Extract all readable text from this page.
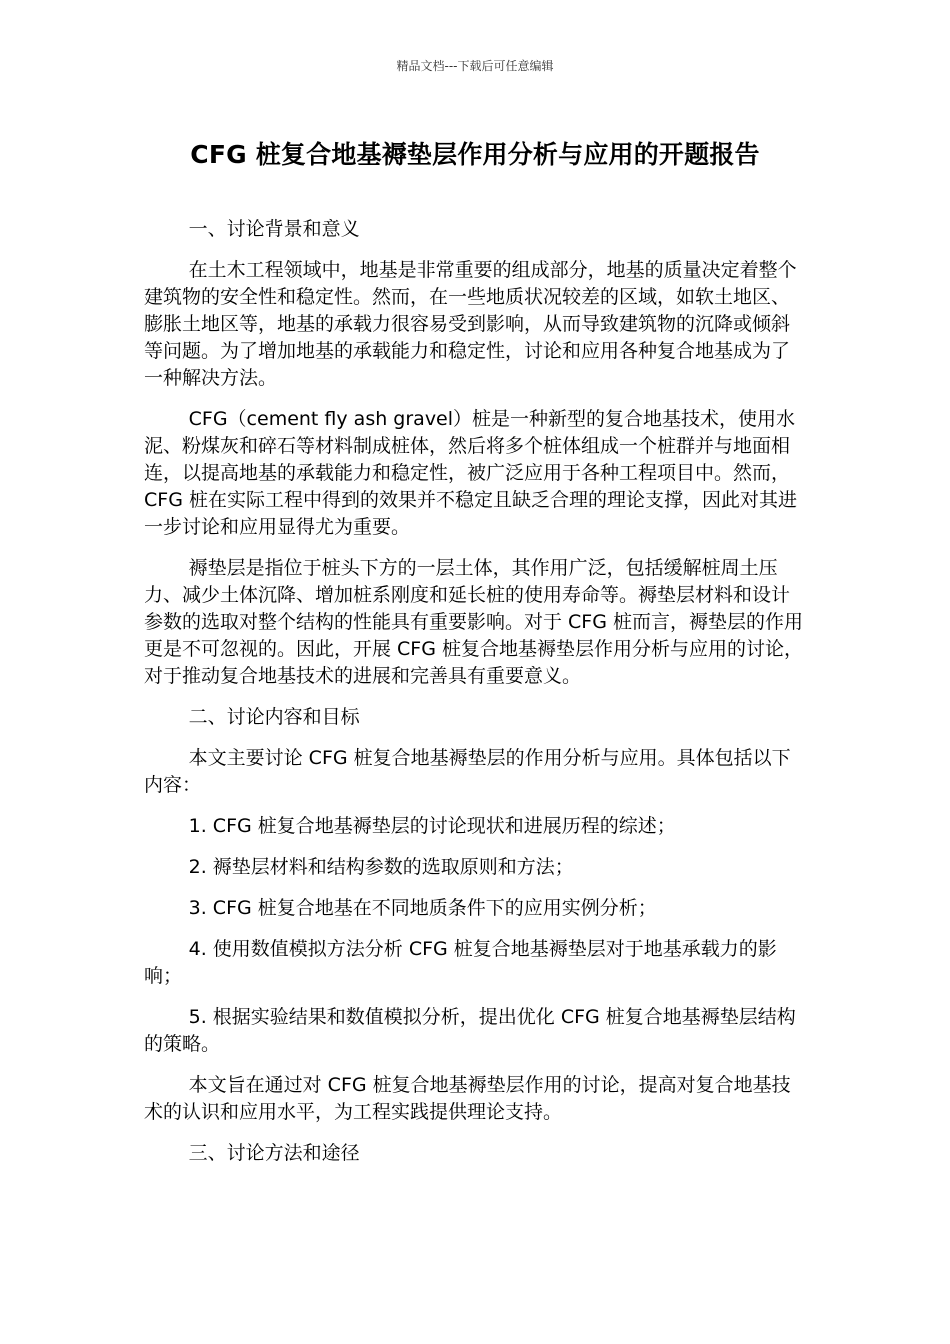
精品文档---下载后可任意编辑
CFG 桩复合地基褥垫层作用分析与应用的开题报告

一、讨论背景和意义

在土木工程领域中，地基是非常重要的组成部分，地基的质量决定着整个建筑物的安全性和稳定性。然而，在一些地质状况较差的区域，如软土地区、膨胀土地区等，地基的承载力很容易受到影响，从而导致建筑物的沉降或倾斜等问题。为了增加地基的承载能力和稳定性，讨论和应用各种复合地基成为了一种解决方法。

CFG（cement fly ash gravel）桩是一种新型的复合地基技术，使用水泥、粉煤灰和碎石等材料制成桩体，然后将多个桩体组成一个桩群并与地面相连，以提高地基的承载能力和稳定性，被广泛应用于各种工程项目中。然而，CFG 桩在实际工程中得到的效果并不稳定且缺乏合理的理论支撑，因此对其进一步讨论和应用显得尤为重要。

褥垫层是指位于桩头下方的一层土体，其作用广泛，包括缓解桩周土压力、减少土体沉降、增加桩系刚度和延长桩的使用寿命等。褥垫层材料和设计参数的选取对整个结构的性能具有重要影响。对于 CFG 桩而言，褥垫层的作用更是不可忽视的。因此，开展 CFG 桩复合地基褥垫层作用分析与应用的讨论，对于推动复合地基技术的进展和完善具有重要意义。

二、讨论内容和目标

本文主要讨论 CFG 桩复合地基褥垫层的作用分析与应用。具体包括以下内容：

1. CFG 桩复合地基褥垫层的讨论现状和进展历程的综述；

2. 褥垫层材料和结构参数的选取原则和方法；

3. CFG 桩复合地基在不同地质条件下的应用实例分析；

4. 使用数值模拟方法分析 CFG 桩复合地基褥垫层对于地基承载力的影响；

5. 根据实验结果和数值模拟分析，提出优化 CFG 桩复合地基褥垫层结构的策略。

本文旨在通过对 CFG 桩复合地基褥垫层作用的讨论，提高对复合地基技术的认识和应用水平，为工程实践提供理论支持。

三、讨论方法和途径
